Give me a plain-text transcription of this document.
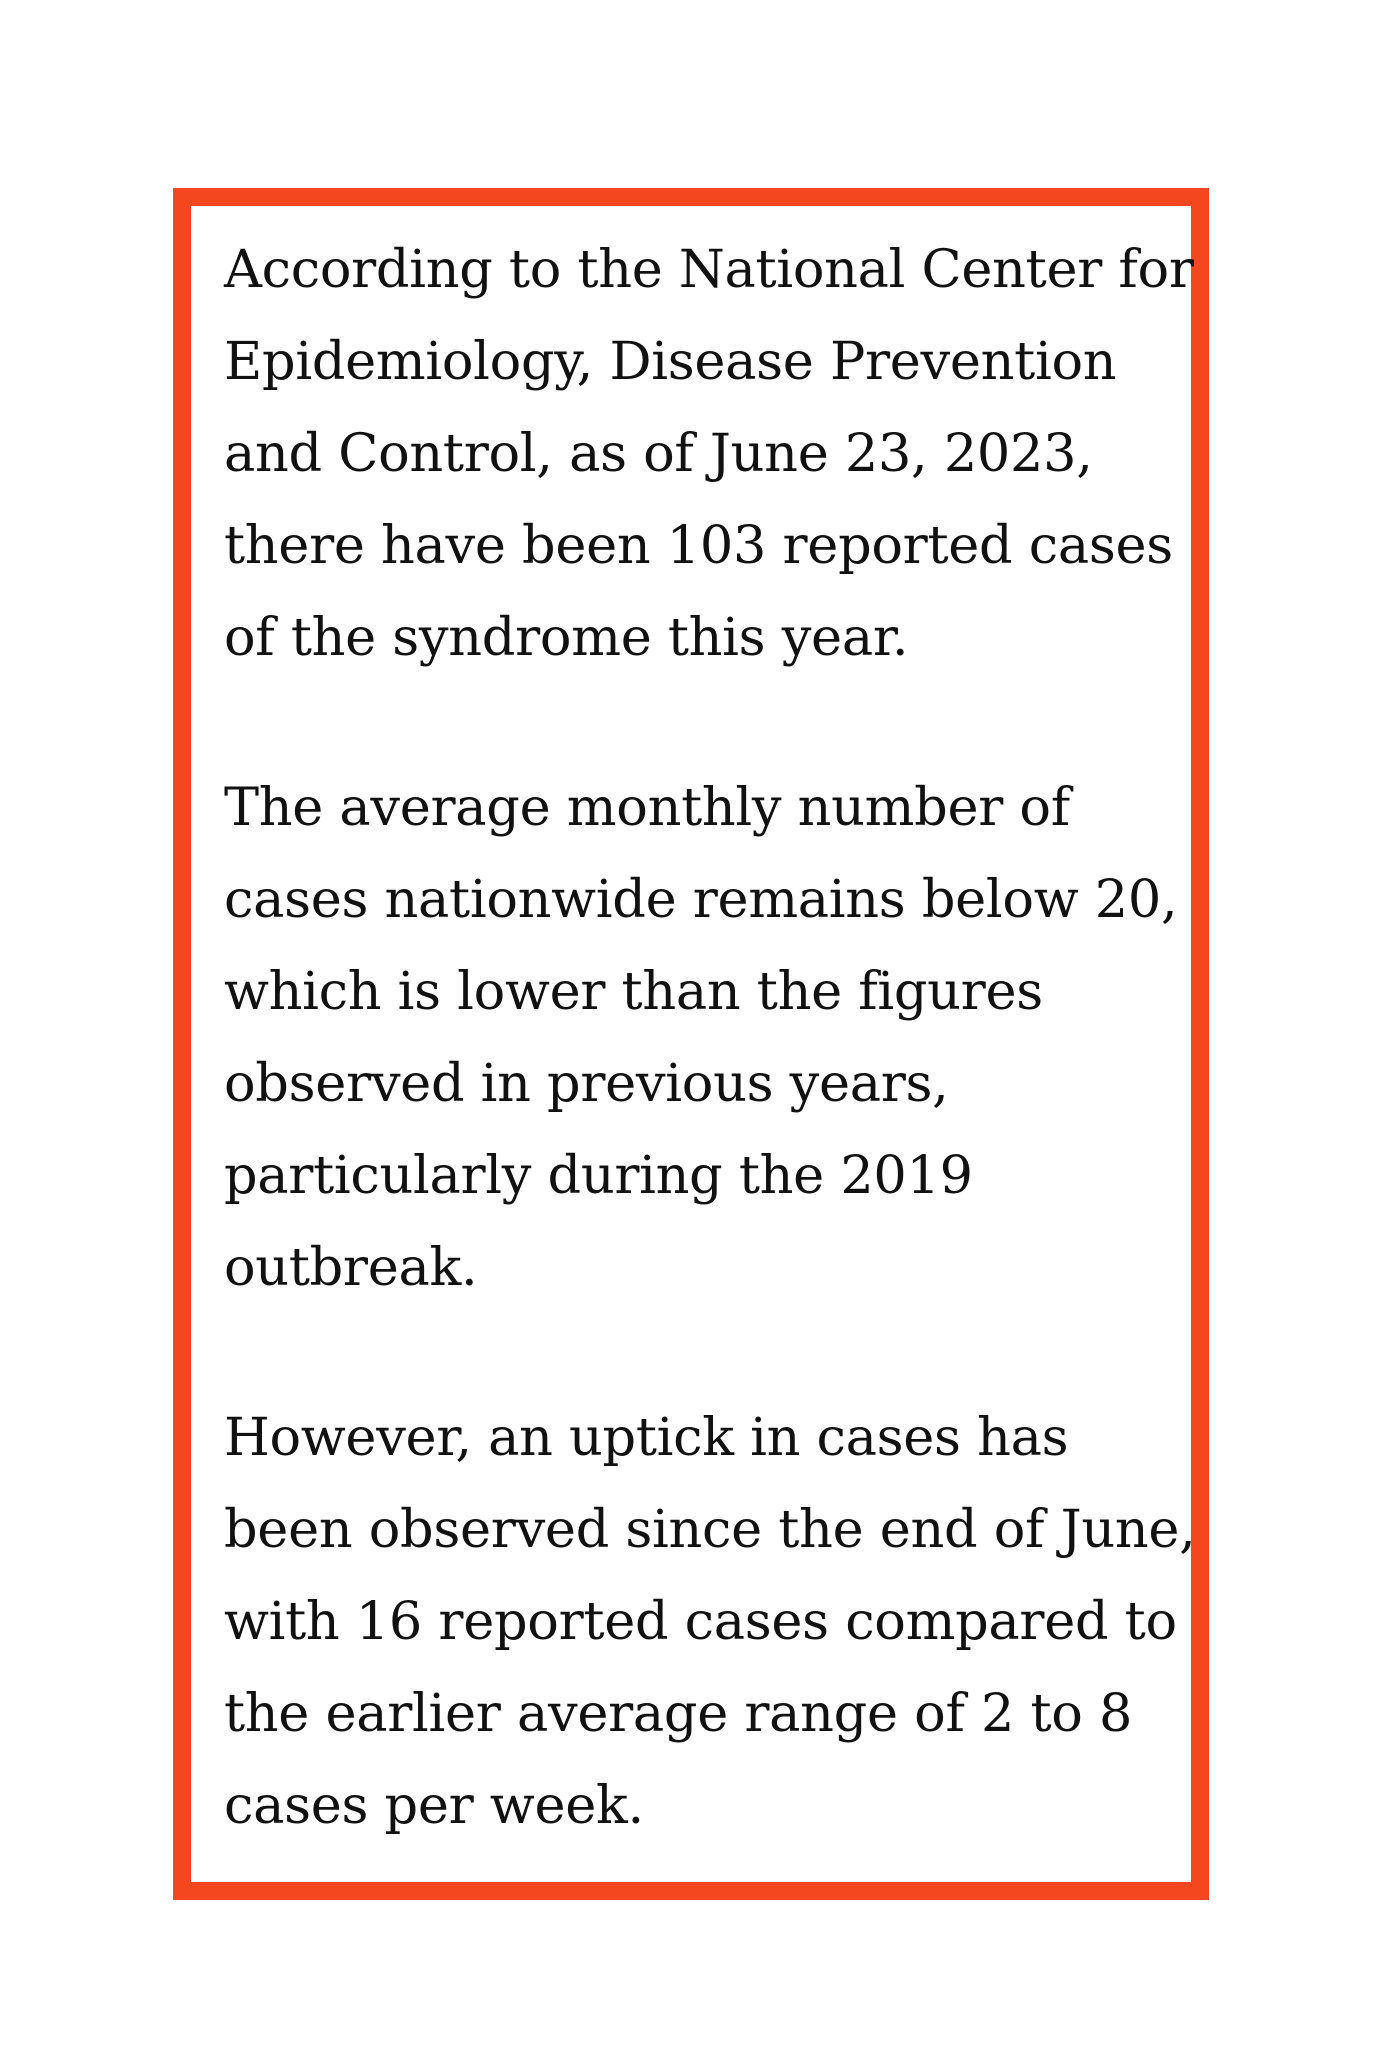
According to the National Center for
Epidemiology, Disease Prevention
and Control, as of June 23, 2023,
there have been 103 reported cases
of the syndrome this year.

The average monthly number of
cases nationwide remains below 20,
which is lower than the figures
observed in previous years,
particularly during the 2019
outbreak.

However, an uptick in cases has
been observed since the end of June,
with 16 reported cases compared to
the earlier average range of 2 to 8
cases per week.
